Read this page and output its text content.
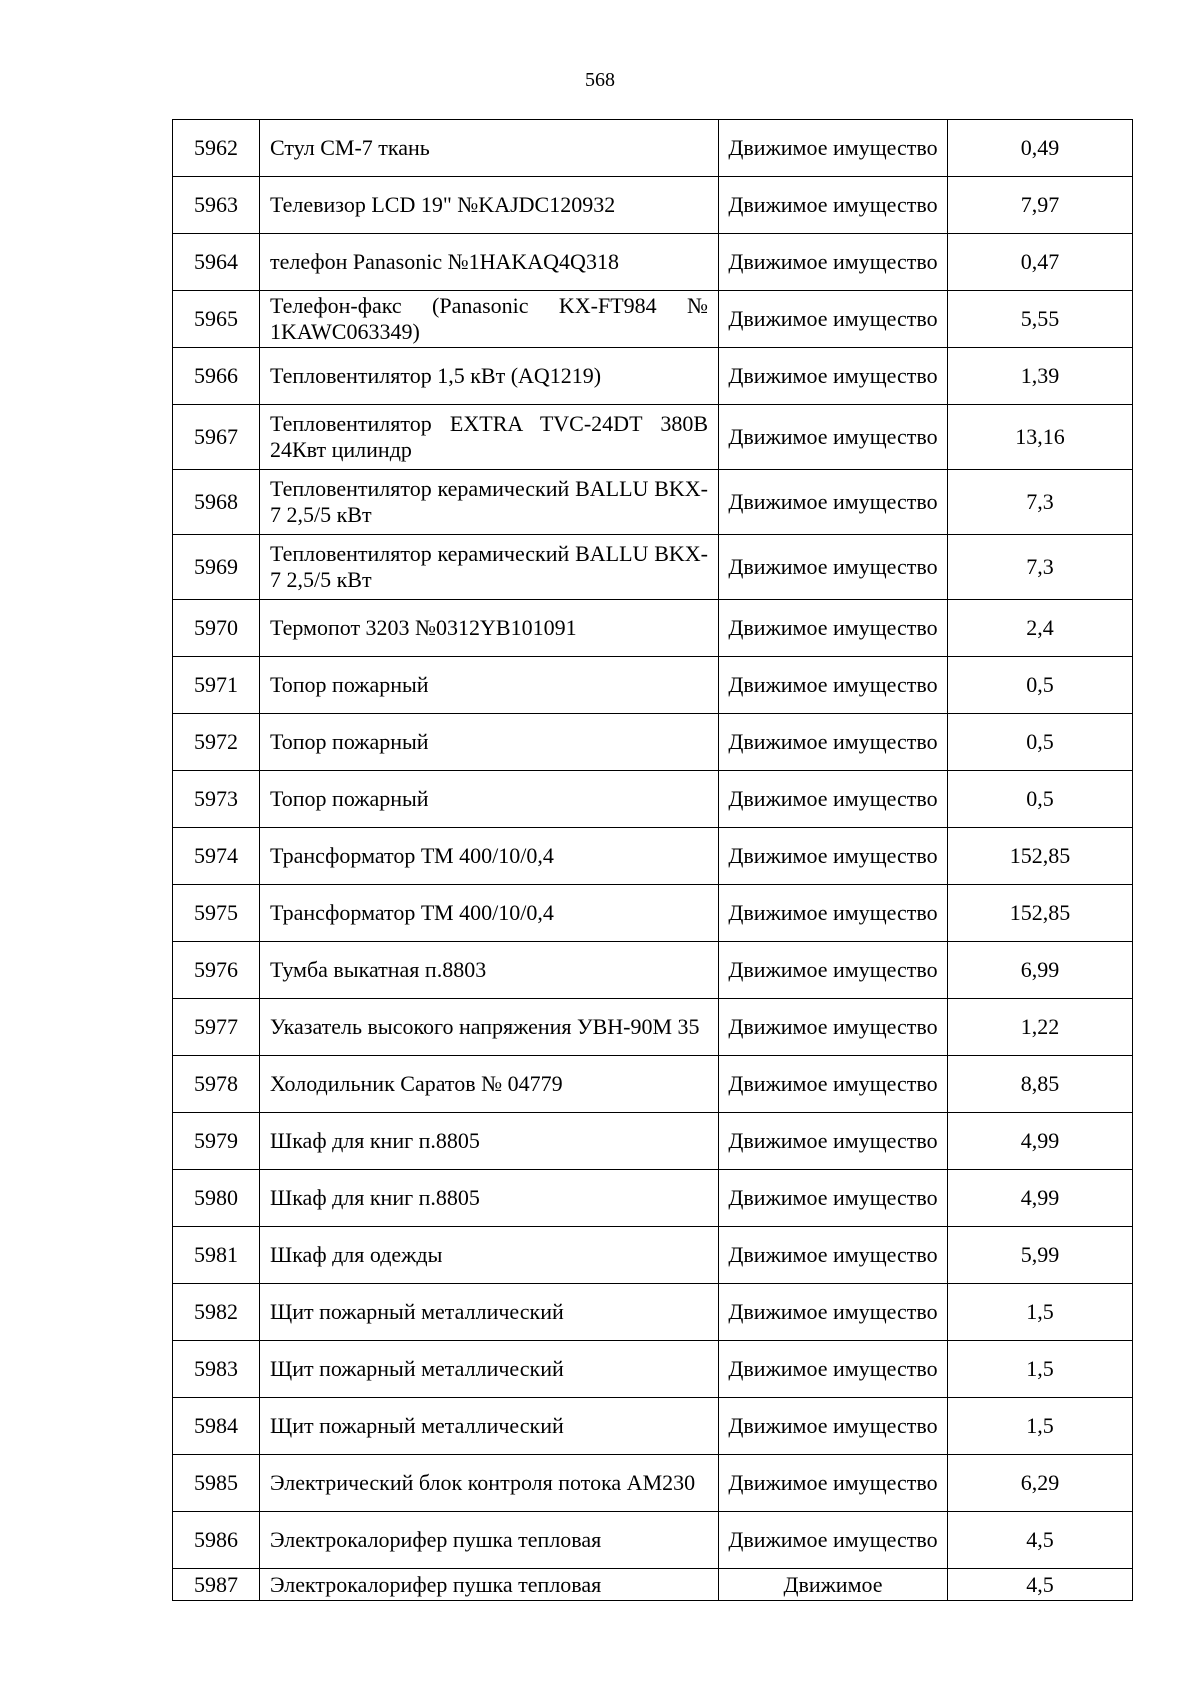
568
5962	Стул СМ-7 ткань	Движимое имущество	0,49
5963	Телевизор LCD 19" №KAJDC120932	Движимое имущество	7,97
5964	телефон Panasonic №1HAKAQ4Q318	Движимое имущество	0,47
5965	Телефон-факс (Panasonic KX-FT984 № 1KAWC063349)	Движимое имущество	5,55
5966	Тепловентилятор 1,5 кВт (AQ1219)	Движимое имущество	1,39
5967	Тепловентилятор EXTRA TVC-24DT 380В 24Квт цилиндр	Движимое имущество	13,16
5968	Тепловентилятор керамический BALLU BKX-7 2,5/5 кВт	Движимое имущество	7,3
5969	Тепловентилятор керамический BALLU BKX-7 2,5/5 кВт	Движимое имущество	7,3
5970	Термопот 3203 №0312YB101091	Движимое имущество	2,4
5971	Топор пожарный	Движимое имущество	0,5
5972	Топор пожарный	Движимое имущество	0,5
5973	Топор пожарный	Движимое имущество	0,5
5974	Трансформатор ТМ 400/10/0,4	Движимое имущество	152,85
5975	Трансформатор ТМ 400/10/0,4	Движимое имущество	152,85
5976	Тумба выкатная п.8803	Движимое имущество	6,99
5977	Указатель высокого напряжения УВН-90М 35	Движимое имущество	1,22
5978	Холодильник Саратов № 04779	Движимое имущество	8,85
5979	Шкаф для книг п.8805	Движимое имущество	4,99
5980	Шкаф для книг п.8805	Движимое имущество	4,99
5981	Шкаф для одежды	Движимое имущество	5,99
5982	Щит пожарный металлический	Движимое имущество	1,5
5983	Щит пожарный металлический	Движимое имущество	1,5
5984	Щит пожарный металлический	Движимое имущество	1,5
5985	Электрический блок контроля потока АМ230	Движимое имущество	6,29
5986	Электрокалорифер пушка тепловая	Движимое имущество	4,5
5987	Электрокалорифер пушка тепловая	Движимое	4,5
